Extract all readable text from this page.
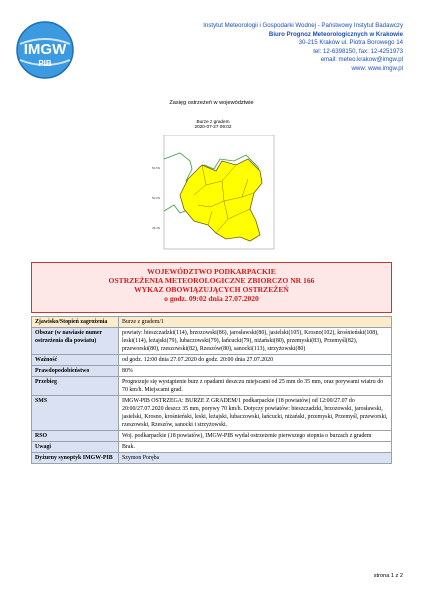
IMGW
PIB
Instytut Meteorologii i Gospodarki Wodnej - Państwowy Instytut Badawczy
Biuro Prognoz Meteorologicznych w Krakowie
30-215 Kraków ul. Piotra Borowego 14
tel: 12-6398150, fax: 12-4251973
email: meteo.krakow@imgw.pl
www: www.imgw.pl
Zasięg ostrzeżeń w województwie
Burze z gradem
2020-07-27 09:02
50.6N
50.0N
49.4N
WOJEWÓDZTWO PODKARPACKIE
OSTRZEŻENIA METEOROLOGICZNE ZBIORCZO NR 166
WYKAZ OBOWIĄZUJĄCYCH OSTRZEŻEŃ
o godz. 09:02 dnia 27.07.2020
Zjawisko/Stopień zagrożenia	Burze z gradem/1
Obszar (w nawiasie numer ostrzeżenia dla powiatu)	powiaty: bieszczadzki(114), brzozowski(86), jarosławski(80), jasielski(105), Krosno(102), krośnieński(108), leski(114), leżajski(79), lubaczowski(79), łańcucki(79), niżański(80), przemyski(83), Przemyśl(82), przeworski(80), rzeszowski(82), Rzeszów(80), sanocki(113), strzyżowski(80)
Ważność	od godz. 12:00 dnia 27.07.2020 do godz. 20:00 dnia 27.07.2020
Prawdopodobieństwo	80%
Przebieg	Prognozuje się wystąpienie burz z opadami deszczu miejscami od 25 mm do 35 mm, oraz porywami wiatru do 70 km/h. Miejscami grad.
SMS	IMGW-PIB OSTRZEGA: BURZE Z GRADEM/1 podkarpackie (18 powiatów) od 12:00/27.07 do 20:00/27.07.2020 deszcz 35 mm, porywy 70 km/h. Dotyczy powiatów: bieszczadzki, brzozowski, jarosławski, jasielski, Krosno, krośnieński, leski, leżajski, lubaczowski, łańcucki, niżański, przemyski, Przemyśl, przeworski, rzeszowski, Rzeszów, sanocki i strzyżowski.
RSO	Woj. podkarpackie (18 powiatów), IMGW-PIB wydał ostrzeżenie pierwszego stopnia o burzach z gradem
Uwagi	Brak.
Dyżurny synoptyk IMGW-PIB	Szymon Poręba
strona 1 z 2
